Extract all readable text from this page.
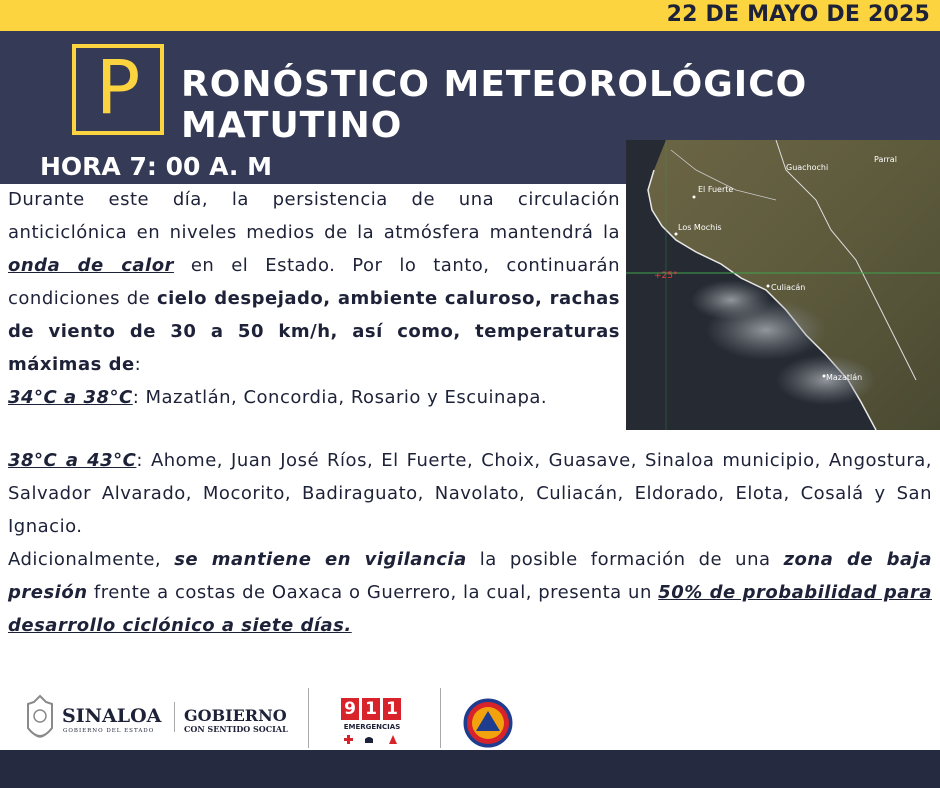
22 DE MAYO DE 2025
P RONÓSTICO METEOROLÓGICO
MATUTINO
HORA 7: 00 A. M	Guachochi
Parral
El Fuerte
Los Mochis
+25°
Culiacán
Mazatlán
Durante este día, la persistencia de una circulación anticiclónica en niveles medios de la atmósfera mantendrá la onda de calor en el Estado. Por lo tanto, continuarán condiciones de cielo despejado, ambiente caluroso, rachas de viento de 30 a 50 km/h, así como, temperaturas máximas de:
34°C a 38°C: Mazatlán, Concordia, Rosario y Escuinapa.
38°C a 43°C: Ahome, Juan José Ríos, El Fuerte, Choix, Guasave, Sinaloa municipio, Angostura, Salvador Alvarado, Mocorito, Badiraguato, Navolato, Culiacán, Eldorado, Elota, Cosalá y San Ignacio.
Adicionalmente, se mantiene en vigilancia la posible formación de una zona de baja presión frente a costas de Oaxaca o Guerrero, la cual, presenta un 50% de probabilidad para desarrollo ciclónico a siete días.
SINALOA
GOBIERNO DEL ESTADO
GOBIERNO
CON SENTIDO SOCIAL
9 1 1
EMERGENCIAS
